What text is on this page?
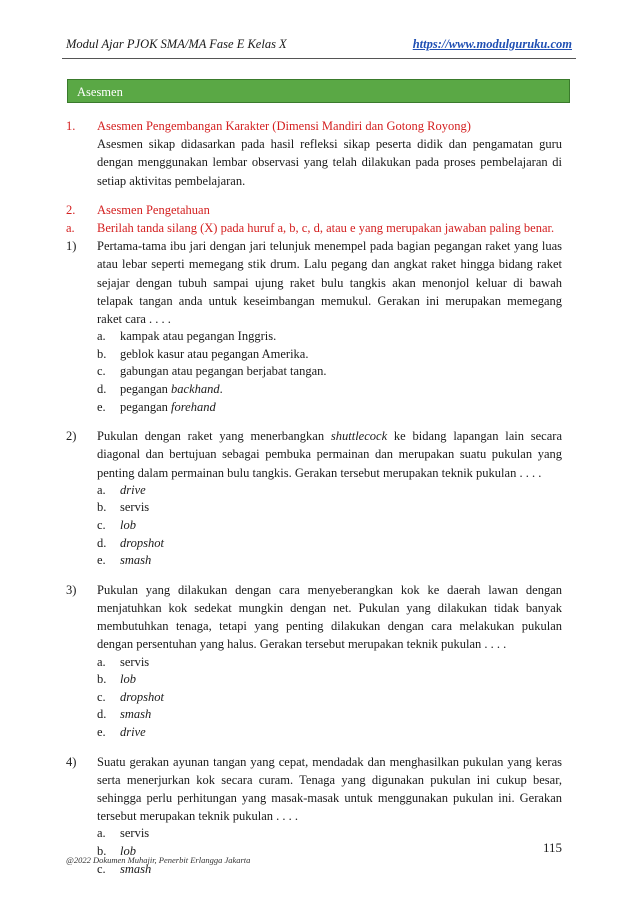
Modul Ajar PJOK SMA/MA Fase E Kelas X	https://www.modulguruku.com
Asesmen
1.	Asesmen Pengembangan Karakter (Dimensi Mandiri dan Gotong Royong)
Asesmen sikap didasarkan pada hasil refleksi sikap peserta didik dan pengamatan guru dengan menggunakan lembar observasi yang telah dilakukan pada proses pembelajaran di setiap aktivitas pembelajaran.
2.	Asesmen Pengetahuan
a.	Berilah tanda silang (X) pada huruf a, b, c, d, atau e yang merupakan jawaban paling benar.
1)	Pertama-tama ibu jari dengan jari telunjuk menempel pada bagian pegangan raket yang luas atau lebar seperti memegang stik drum. Lalu pegang dan angkat raket hingga bidang raket sejajar dengan tubuh sampai ujung raket bulu tangkis akan menonjol keluar di bawah telapak tangan anda untuk keseimbangan memukul. Gerakan ini merupakan memegang raket cara . . . .
a.	kampak atau pegangan Inggris.
b.	geblok kasur atau pegangan Amerika.
c.	gabungan atau pegangan berjabat tangan.
d.	pegangan backhand.
e.	pegangan forehand
2)	Pukulan dengan raket yang menerbangkan shuttlecock ke bidang lapangan lain secara diagonal dan bertujuan sebagai pembuka permainan dan merupakan suatu pukulan yang penting dalam permainan bulu tangkis. Gerakan tersebut merupakan teknik pukulan . . . .
a.	drive
b.	servis
c.	lob
d.	dropshot
e.	smash
3)	Pukulan yang dilakukan dengan cara menyeberangkan kok ke daerah lawan dengan menjatuhkan kok sedekat mungkin dengan net. Pukulan yang dilakukan tidak banyak membutuhkan tenaga, tetapi yang penting dilakukan dengan cara melakukan pukulan dengan persentuhan yang halus. Gerakan tersebut merupakan teknik pukulan . . . .
a.	servis
b.	lob
c.	dropshot
d.	smash
e.	drive
4)	Suatu gerakan ayunan tangan yang cepat, mendadak dan menghasilkan pukulan yang keras serta menerjurkan kok secara curam. Tenaga yang digunakan pukulan ini cukup besar, sehingga perlu perhitungan yang masak-masak untuk menggunakan pukulan ini. Gerakan tersebut merupakan teknik pukulan . . . .
a.	servis
b.	lob
c.	smash
115
@2022 Dokumen Muhajir, Penerbit Erlangga Jakarta
